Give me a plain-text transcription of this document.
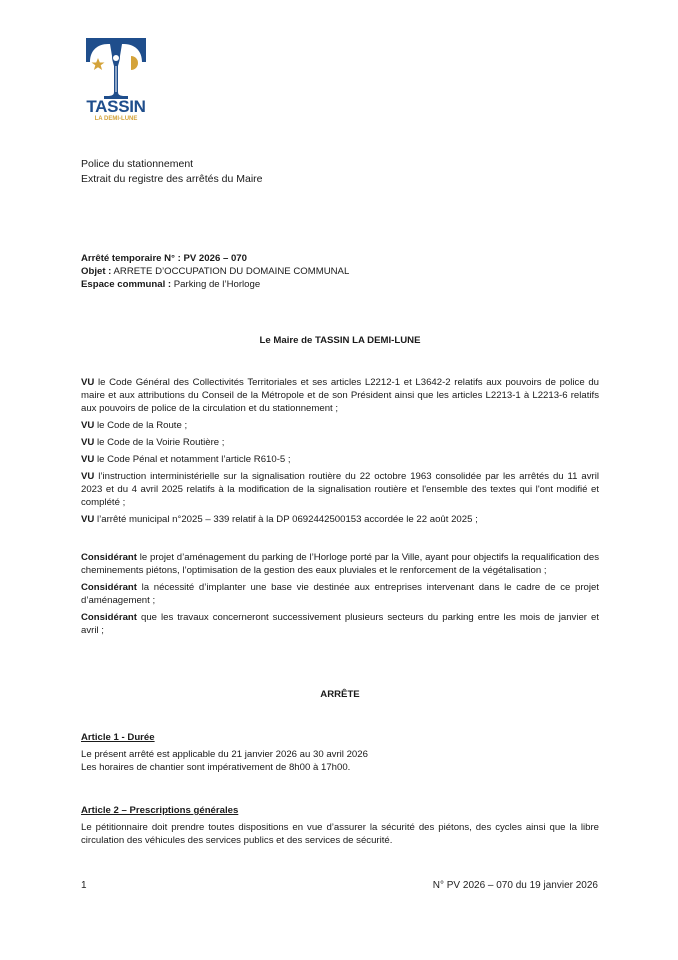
TASSIN
LA DEMI-LUNE
Police du stationnement
Extrait du registre des arrêtés du Maire
Arrêté temporaire N° : PV 2026 – 070
Objet : ARRETE D’OCCUPATION DU DOMAINE COMMUNAL
Espace communal : Parking de l’Horloge
Le Maire de TASSIN LA DEMI-LUNE

VU le Code Général des Collectivités Territoriales et ses articles L2212-1 et L3642-2 relatifs aux pouvoirs de police du maire et aux attributions du Conseil de la Métropole et de son Président ainsi que les articles L2213-1 à L2213-6 relatifs aux pouvoirs de police de la circulation et du stationnement ;

VU le Code de la Route ;

VU le Code de la Voirie Routière ;

VU le Code Pénal et notamment l’article R610-5 ;

VU l’instruction interministérielle sur la signalisation routière du 22 octobre 1963 consolidée par les arrêtés du 11 avril 2023 et du 4 avril 2025 relatifs à la modification de la signalisation routière et l'ensemble des textes qui l'ont modifié et complété ;

VU l’arrêté municipal n°2025 – 339 relatif à la DP 0692442500153 accordée le 22 août 2025 ;

Considérant le projet d’aménagement du parking de l’Horloge porté par la Ville, ayant pour objectifs la requalification des cheminements piétons, l’optimisation de la gestion des eaux pluviales et le renforcement de la végétalisation ;

Considérant la nécessité d’implanter une base vie destinée aux entreprises intervenant dans le cadre de ce projet d’aménagement ;

Considérant que les travaux concerneront successivement plusieurs secteurs du parking entre les mois de janvier et avril ;

ARRÊTE
Article 1 - Durée
Le présent arrêté est applicable du 21 janvier 2026 au 30 avril 2026
Les horaires de chantier sont impérativement de 8h00 à 17h00.
Article 2 – Prescriptions générales
Le pétitionnaire doit prendre toutes dispositions en vue d’assurer la sécurité des piétons, des cycles ainsi que la libre circulation des véhicules des services publics et des services de sécurité.
1	N° PV 2026 – 070 du 19 janvier 2026
